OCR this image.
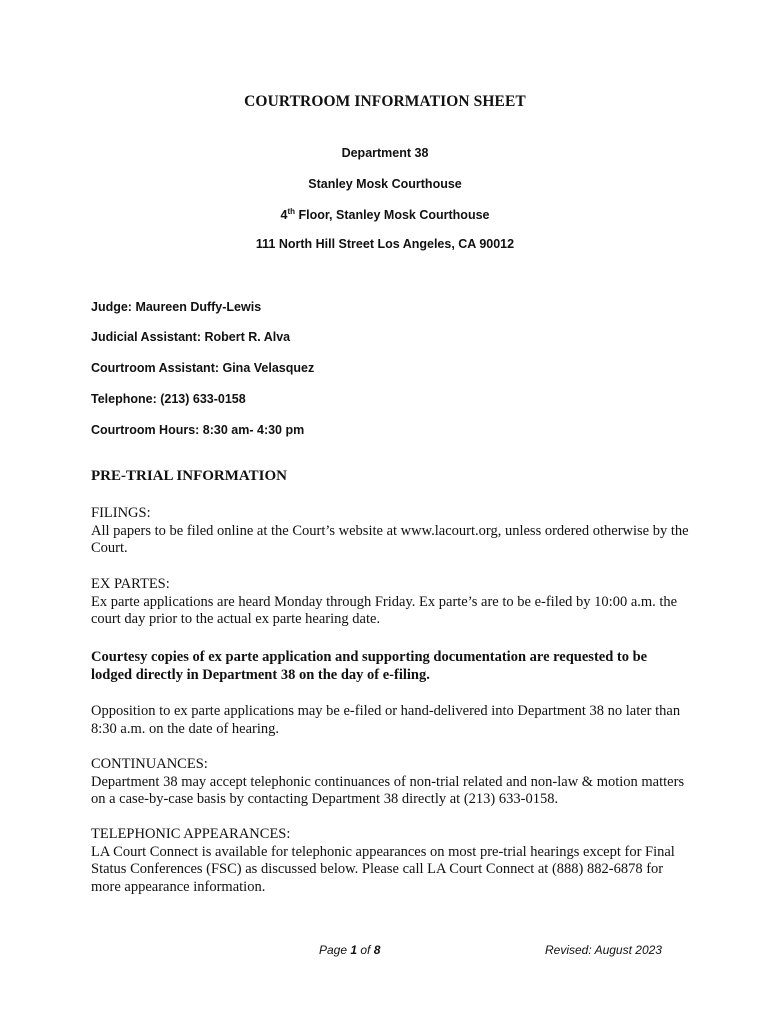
COURTROOM INFORMATION SHEET
Department 38
Stanley Mosk Courthouse
4th Floor, Stanley Mosk Courthouse
111 North Hill Street Los Angeles, CA 90012
Judge: Maureen Duffy-Lewis
Judicial Assistant: Robert R. Alva
Courtroom Assistant: Gina Velasquez
Telephone: (213) 633-0158
Courtroom Hours: 8:30 am- 4:30 pm
PRE-TRIAL INFORMATION
FILINGS:
All papers to be filed online at the Court’s website at www.lacourt.org, unless ordered otherwise by the Court.
EX PARTES:
Ex parte applications are heard Monday through Friday. Ex parte’s are to be e-filed by 10:00 a.m. the court day prior to the actual ex parte hearing date.
Courtesy copies of ex parte application and supporting documentation are requested to be lodged directly in Department 38 on the day of e-filing.
Opposition to ex parte applications may be e-filed or hand-delivered into Department 38 no later than 8:30 a.m. on the date of hearing.
CONTINUANCES:
Department 38 may accept telephonic continuances of non-trial related and non-law & motion matters on a case-by-case basis by contacting Department 38 directly at (213) 633-0158.
TELEPHONIC APPEARANCES:
LA Court Connect is available for telephonic appearances on most pre-trial hearings except for Final Status Conferences (FSC) as discussed below. Please call LA Court Connect at (888) 882-6878 for more appearance information.
Page 1 of 8	Revised: August 2023
